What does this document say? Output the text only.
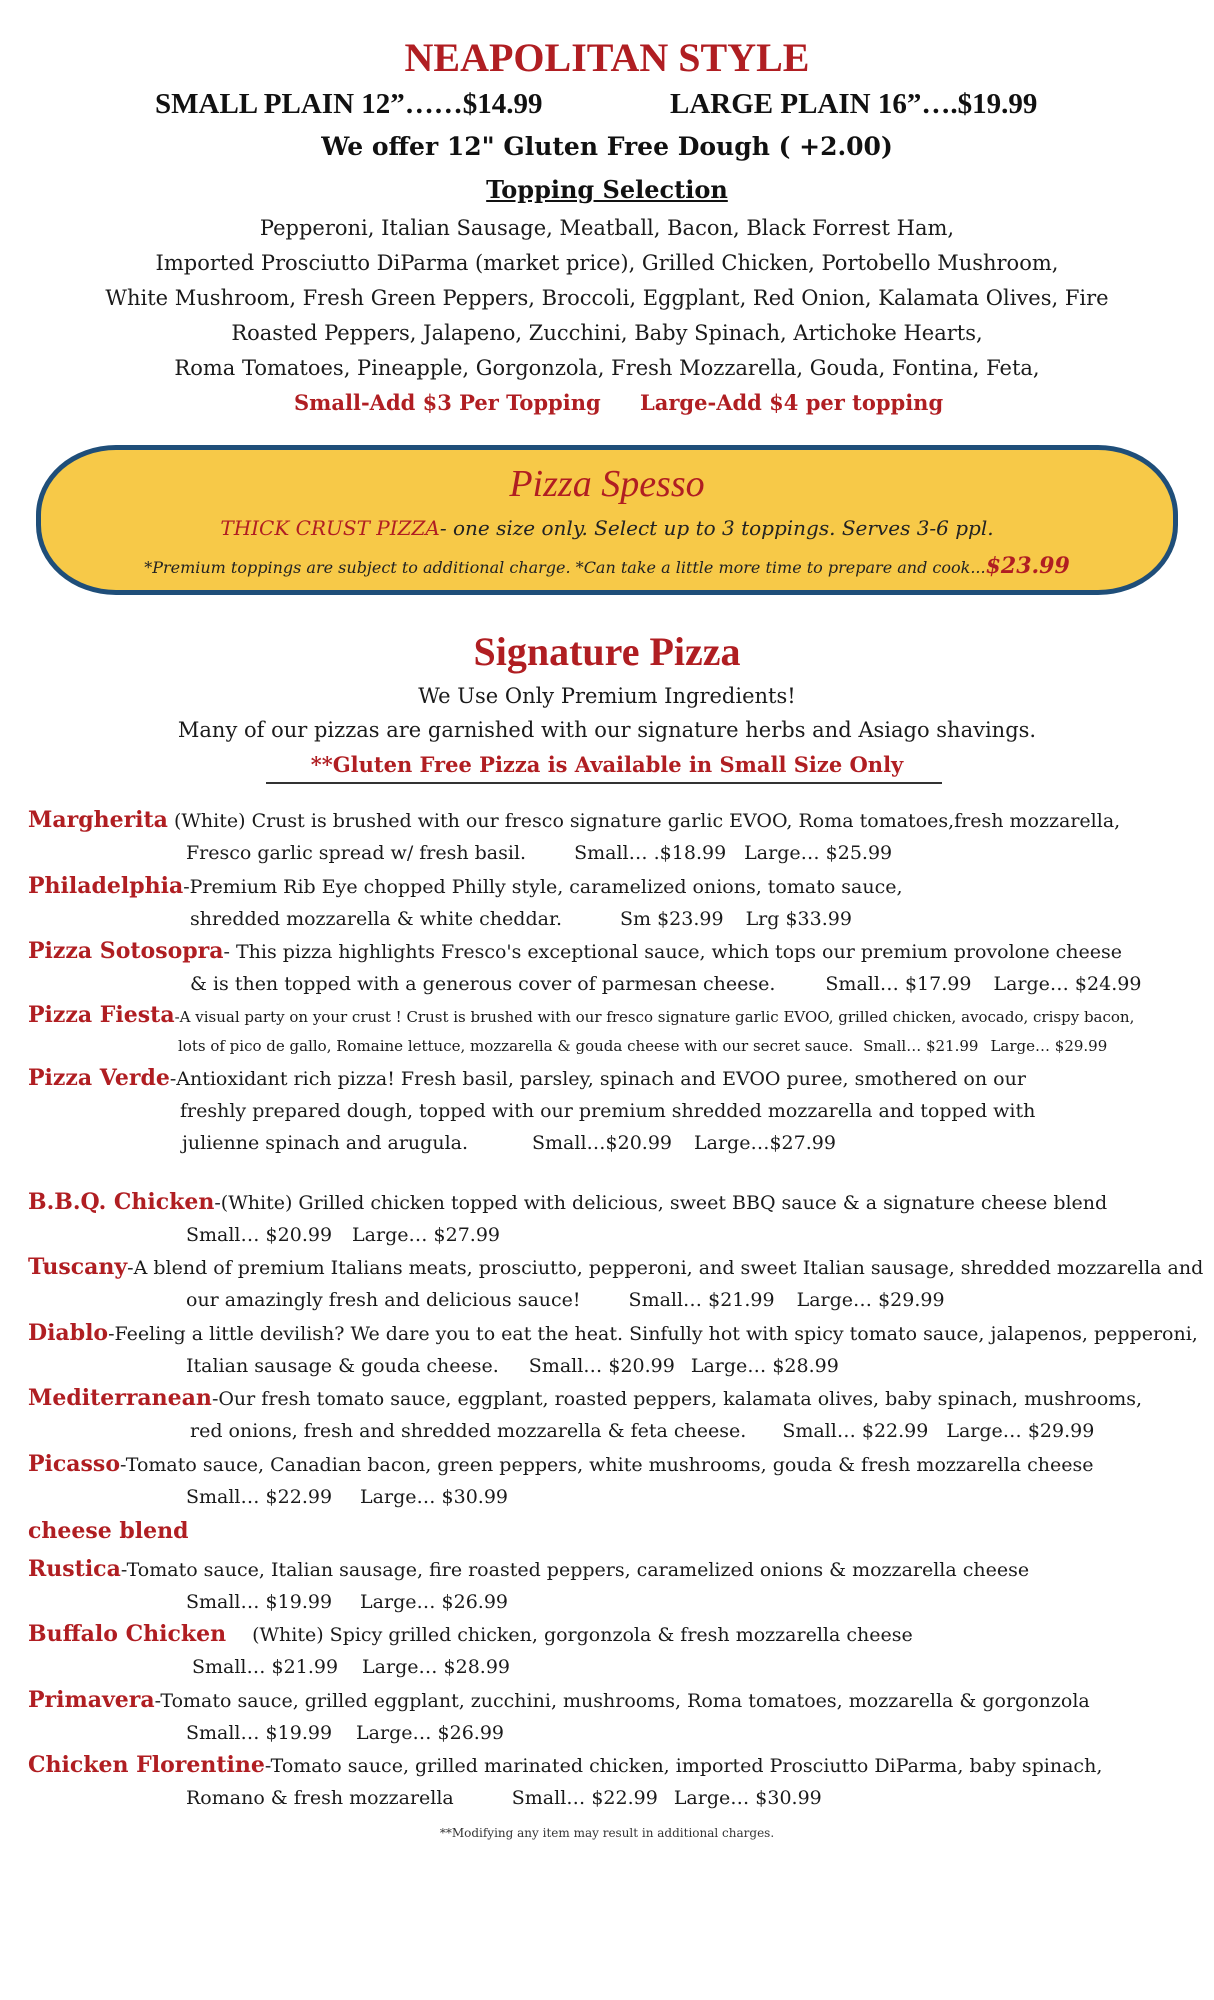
NEAPOLITAN STYLE
SMALL PLAIN 12”……$14.99	LARGE PLAIN 16”….$19.99
We offer 12" Gluten Free Dough ( +2.00)
Topping Selection
Pepperoni, Italian Sausage, Meatball, Bacon, Black Forrest Ham,
Imported Prosciutto DiParma (market price), Grilled Chicken, Portobello Mushroom,
White Mushroom, Fresh Green Peppers, Broccoli, Eggplant, Red Onion, Kalamata Olives, Fire
Roasted Peppers, Jalapeno, Zucchini, Baby Spinach, Artichoke Hearts,
Roma Tomatoes, Pineapple, Gorgonzola, Fresh Mozzarella, Gouda, Fontina, Feta,
Small-Add $3 Per Topping Large-Add $4 per topping
Pizza Spesso
THICK CRUST PIZZA- one size only. Select up to 3 toppings. Serves 3-6 ppl.
*Premium toppings are subject to additional charge. *Can take a little more time to prepare and cook...$23.99
Signature Pizza
We Use Only Premium Ingredients!
Many of our pizzas are garnished with our signature herbs and Asiago shavings.
**Gluten Free Pizza is Available in Small Size Only
Margherita (White) Crust is brushed with our fresco signature garlic EVOO, Roma tomatoes,fresh mozzarella,
Fresco garlic spread w/ fresh basil.	Small… .$18.99 Large… $25.99
Philadelphia-Premium Rib Eye chopped Philly style, caramelized onions, tomato sauce,
shredded mozzarella & white cheddar.	Sm $23.99 Lrg $33.99
Pizza Sotosopra- This pizza highlights Fresco's exceptional sauce, which tops our premium provolone cheese
& is then topped with a generous cover of parmesan cheese.	Small… $17.99 Large… $24.99
Pizza Fiesta-A visual party on your crust ! Crust is brushed with our fresco signature garlic EVOO, grilled chicken, avocado, crispy bacon,
lots of pico de gallo, Romaine lettuce, mozzarella & gouda cheese with our secret sauce. Small… $21.99 Large… $29.99
Pizza Verde-Antioxidant rich pizza! Fresh basil, parsley, spinach and EVOO puree, smothered on our
freshly prepared dough, topped with our premium shredded mozzarella and topped with
julienne spinach and arugula.	Small…$20.99 Large…$27.99
B.B.Q. Chicken-(White) Grilled chicken topped with delicious, sweet BBQ sauce & a signature cheese blend
Small… $20.99 Large… $27.99
Tuscany-A blend of premium Italians meats, prosciutto, pepperoni, and sweet Italian sausage, shredded mozzarella and
our amazingly fresh and delicious sauce!	Small… $21.99 Large… $29.99
Diablo-Feeling a little devilish? We dare you to eat the heat. Sinfully hot with spicy tomato sauce, jalapenos, pepperoni,
Italian sausage & gouda cheese. Small… $20.99 Large… $28.99
Mediterranean-Our fresh tomato sauce, eggplant, roasted peppers, kalamata olives, baby spinach, mushrooms,
red onions, fresh and shredded mozzarella & feta cheese. Small… $22.99 Large… $29.99
Picasso-Tomato sauce, Canadian bacon, green peppers, white mushrooms, gouda & fresh mozzarella cheese
Small… $22.99 Large… $30.99
cheese blend
Rustica-Tomato sauce, Italian sausage, fire roasted peppers, caramelized onions & mozzarella cheese
Small… $19.99 Large… $26.99
Buffalo Chicken (White) Spicy grilled chicken, gorgonzola & fresh mozzarella cheese
Small… $21.99 Large… $28.99
Primavera-Tomato sauce, grilled eggplant, zucchini, mushrooms, Roma tomatoes, mozzarella & gorgonzola
Small… $19.99 Large… $26.99
Chicken Florentine-Tomato sauce, grilled marinated chicken, imported Prosciutto DiParma, baby spinach,
Romano & fresh mozzarella	Small… $22.99 Large… $30.99
**Modifying any item may result in additional charges.
